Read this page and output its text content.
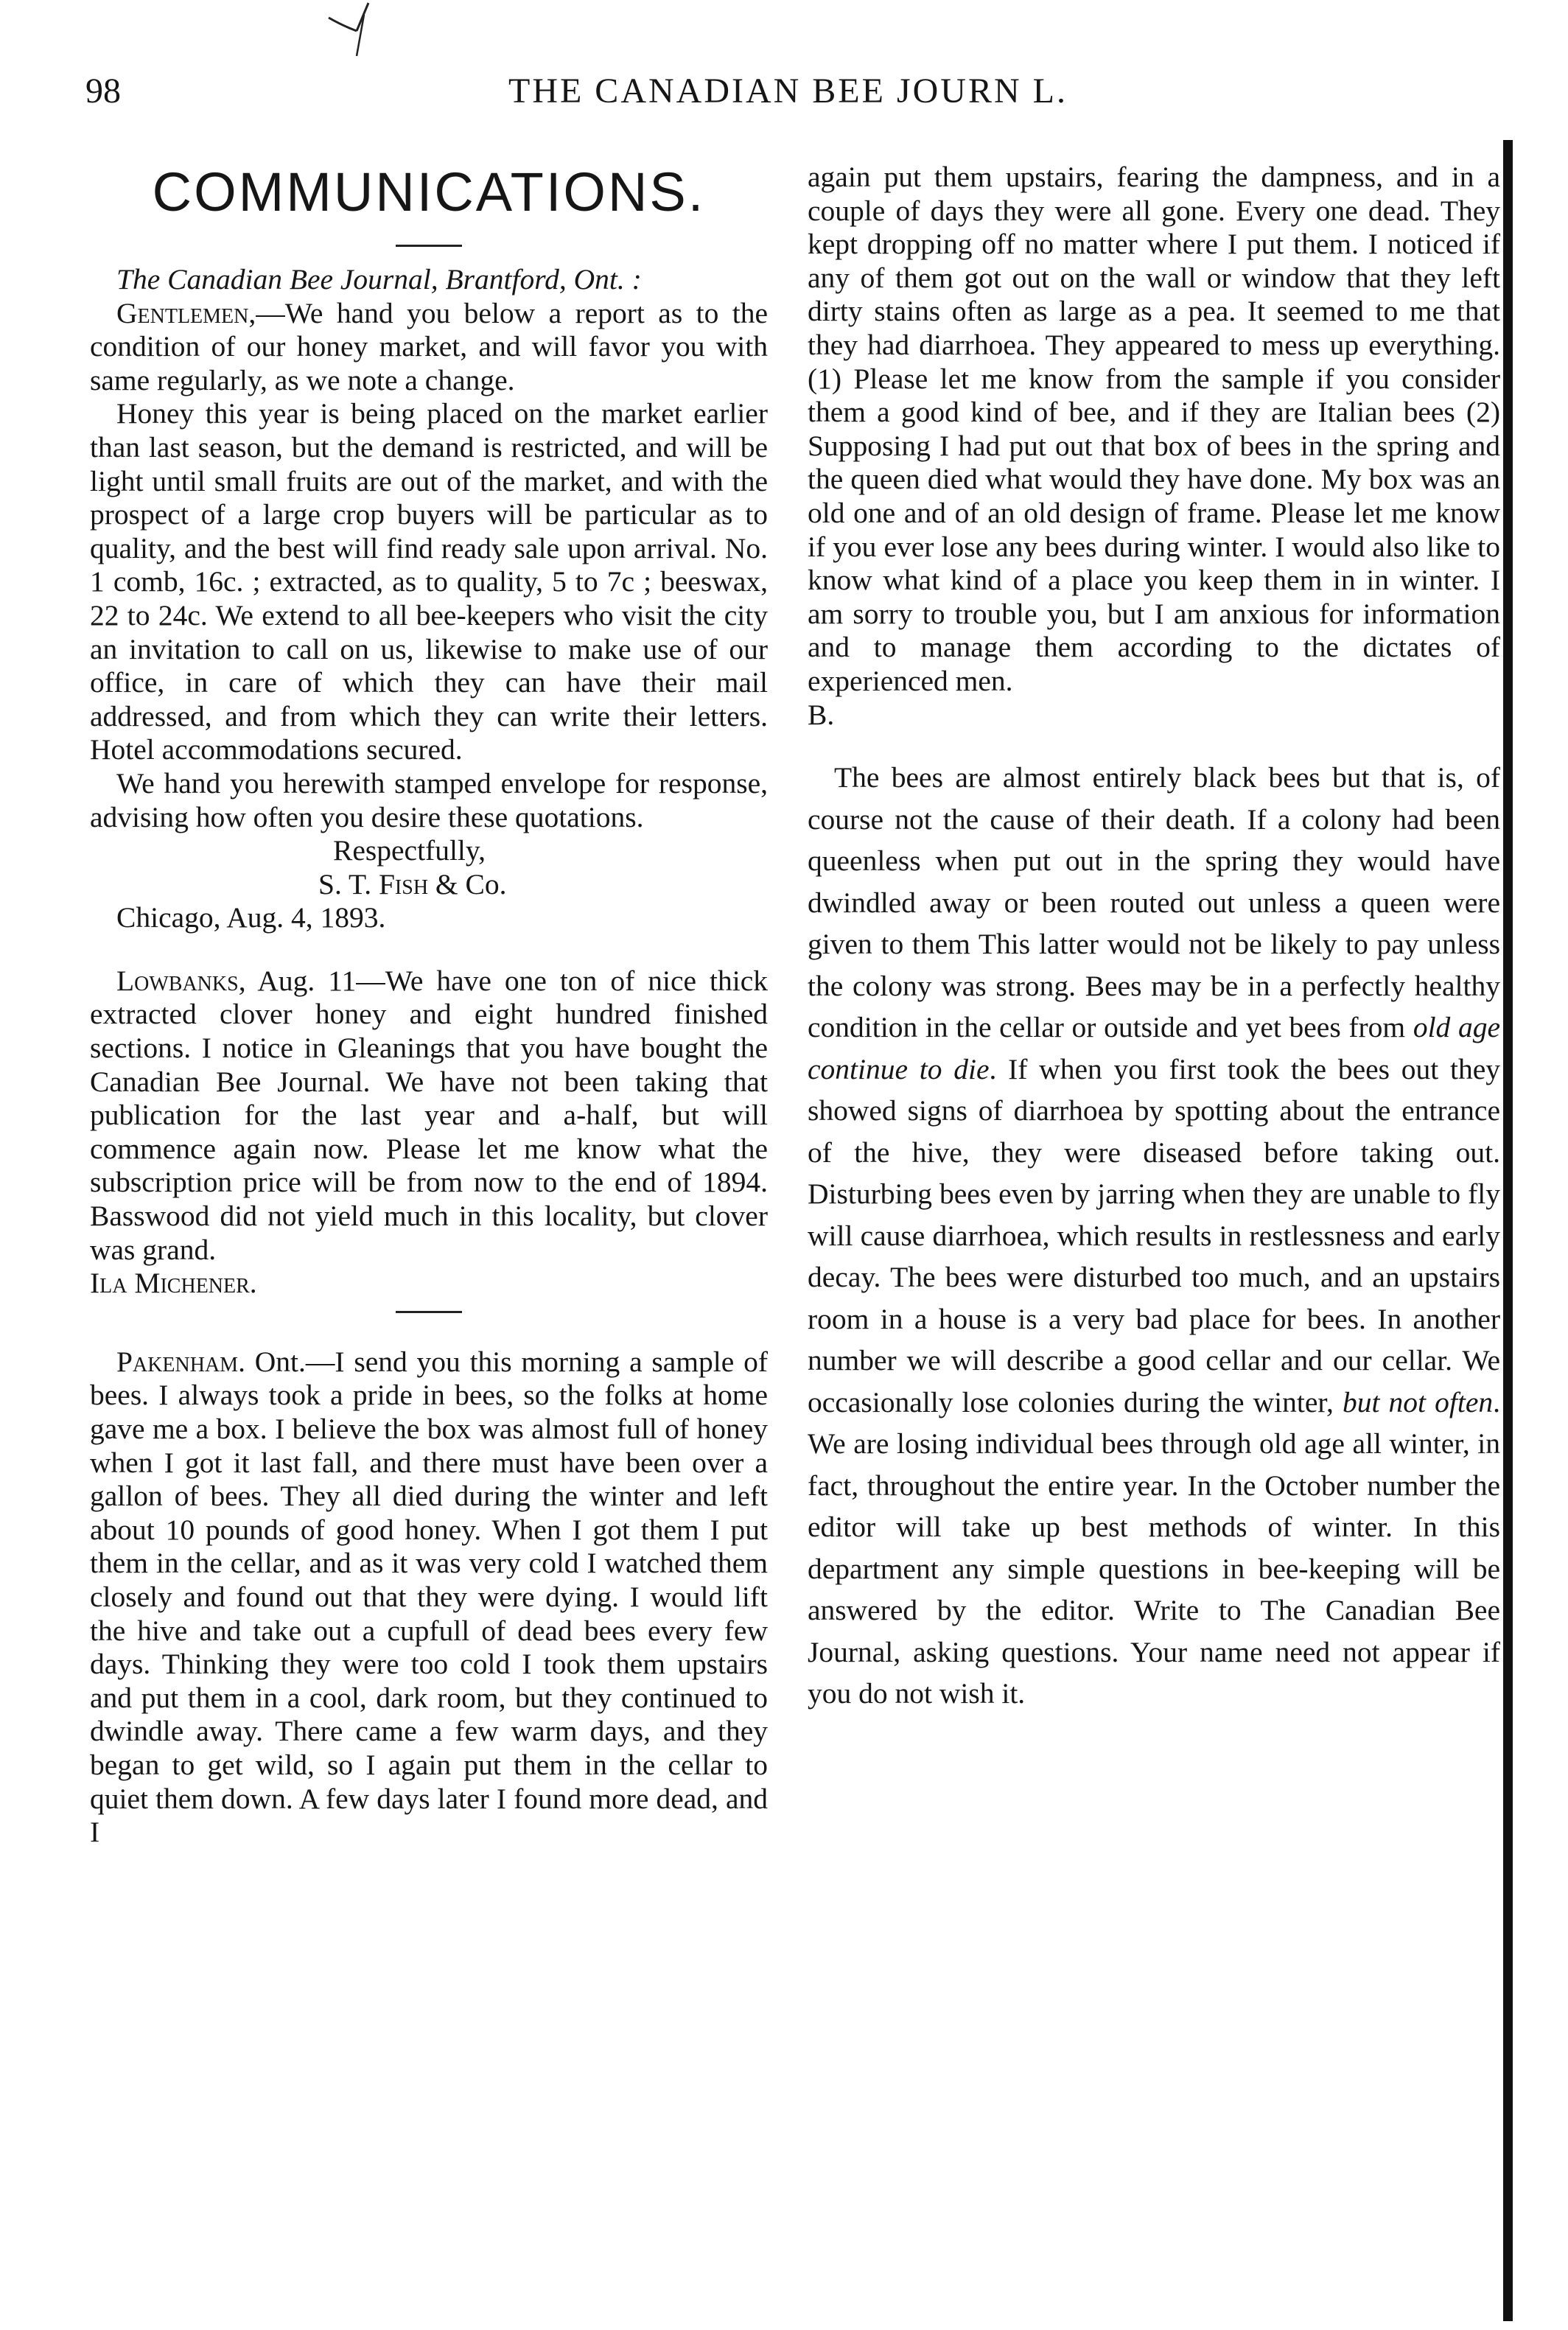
98	THE CANADIAN BEE JOURN L.
COMMUNICATIONS.

The Canadian Bee Journal, Brantford, Ont. :

Gentlemen,—We hand you below a report as to the condition of our honey market, and will favor you with same regularly, as we note a change.

Honey this year is being placed on the market earlier than last season, but the demand is restricted, and will be light until small fruits are out of the market, and with the prospect of a large crop buyers will be particular as to quality, and the best will find ready sale upon arrival. No. 1 comb, 16c. ; extracted, as to quality, 5 to 7c ; beeswax, 22 to 24c. We extend to all bee-keepers who visit the city an invitation to call on us, likewise to make use of our office, in care of which they can have their mail addressed, and from which they can write their letters. Hotel accommodations secured.

We hand you herewith stamped envelope for response, advising how often you desire these quotations.

Respectfully,

S. T. Fish & Co.

Chicago, Aug. 4, 1893.

Lowbanks, Aug. 11—We have one ton of nice thick extracted clover honey and eight hundred finished sections. I notice in Gleanings that you have bought the Canadian Bee Journal. We have not been taking that publication for the last year and a-half, but will commence again now. Please let me know what the subscription price will be from now to the end of 1894. Basswood did not yield much in this locality, but clover was grand.

Ila Michener.

Pakenham. Ont.—I send you this morning a sample of bees. I always took a pride in bees, so the folks at home gave me a box. I believe the box was almost full of honey when I got it last fall, and there must have been over a gallon of bees. They all died during the winter and left about 10 pounds of good honey. When I got them I put them in the cellar, and as it was very cold I watched them closely and found out that they were dying. I would lift the hive and take out a cupfull of dead bees every few days. Thinking they were too cold I took them upstairs and put them in a cool, dark room, but they continued to dwindle away. There came a few warm days, and they began to get wild, so I again put them in the cellar to quiet them down. A few days later I found more dead, and I

again put them upstairs, fearing the dampness, and in a couple of days they were all gone. Every one dead. They kept dropping off no matter where I put them. I noticed if any of them got out on the wall or window that they left dirty stains often as large as a pea. It seemed to me that they had diarrhoea. They appeared to mess up everything. (1) Please let me know from the sample if you consider them a good kind of bee, and if they are Italian bees (2) Supposing I had put out that box of bees in the spring and the queen died what would they have done. My box was an old one and of an old design of frame. Please let me know if you ever lose any bees during winter. I would also like to know what kind of a place you keep them in in winter. I am sorry to trouble you, but I am anxious for information and to manage them according to the dictates of experienced men.

B.

The bees are almost entirely black bees but that is, of course not the cause of their death. If a colony had been queenless when put out in the spring they would have dwindled away or been routed out unless a queen were given to them This latter would not be likely to pay unless the colony was strong. Bees may be in a perfectly healthy condition in the cellar or outside and yet bees from old age continue to die. If when you first took the bees out they showed signs of diarrhoea by spotting about the entrance of the hive, they were diseased before taking out. Disturbing bees even by jarring when they are unable to fly will cause diarrhoea, which results in restlessness and early decay. The bees were disturbed too much, and an upstairs room in a house is a very bad place for bees. In another number we will describe a good cellar and our cellar. We occasionally lose colonies during the winter, but not often. We are losing individual bees through old age all winter, in fact, throughout the entire year. In the October number the editor will take up best methods of winter. In this department any simple questions in bee-keeping will be answered by the editor. Write to The Canadian Bee Journal, asking questions. Your name need not appear if you do not wish it.
